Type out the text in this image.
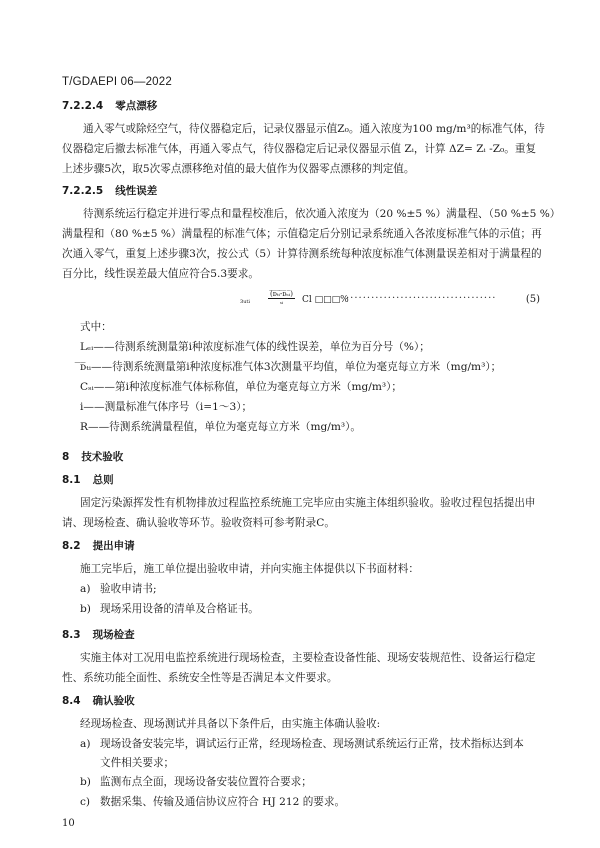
T/GDAEPI 06—2022
7.2.2.4 零点漂移
通入零气或除烃空气，待仪器稳定后，记录仪器显示值Z₀。通入浓度为100 mg/m³的标准气体，待
仪器稳定后撤去标准气体，再通入零点气，待仪器稳定后记录仪器显示值 Zᵢ，计算 ΔZ= Zᵢ -Z₀。重复
上述步骤5次，取5次零点漂移绝对值的最大值作为仪器零点漂移的判定值。
7.2.2.5 线性误差
待测系统运行稳定并进行零点和量程校准后，依次通入浓度为（20 %±5 %）满量程、（50 %±5 %）
满量程和（80 %±5 %）满量程的标准气体；示值稳定后分别记录系统通入各浓度标准气体的示值；再
次通入零气，重复上述步骤3次，按公式（5）计算待测系统每种浓度标准气体测量误差相对于满量程的
百分比，线性误差最大值应符合5.3要求。
₃ᵤₜᵢ	$\frac{\text{(̅ᴅ̅ₜᵢ̅‑̅ᴅ̅ₛᵢ̅)}}{\text{ₛᵢ}}$ Cl □□□%
····································	(5)
式中：
Lₑᵢ——待测系统测量第i种浓度标准气体的线性误差，单位为百分号（%）；
̅ᴅ̅ₜᵢ——待测系统测量第i种浓度标准气体3次测量平均值，单位为毫克每立方米（mg/m³）；
Cₛᵢ——第i种浓度标准气体标称值，单位为毫克每立方米（mg/m³）；
i——测量标准气体序号（i=1～3）；
R——待测系统满量程值，单位为毫克每立方米（mg/m³）。
8 技术验收
8.1 总则
固定污染源挥发性有机物排放过程监控系统施工完毕应由实施主体组织验收。验收过程包括提出申
请、现场检查、确认验收等环节。验收资料可参考附录C。
8.2 提出申请
施工完毕后，施工单位提出验收申请，并向实施主体提供以下书面材料：
a) 验收申请书;
b) 现场采用设备的清单及合格证书。
8.3 现场检查
实施主体对工况用电监控系统进行现场检查，主要检查设备性能、现场安装规范性、设备运行稳定
性、系统功能全面性、系统安全性等是否满足本文件要求。
8.4 确认验收
经现场检查、现场测试并具备以下条件后，由实施主体确认验收:
a) 现场设备安装完毕，调试运行正常，经现场检查、现场测试系统运行正常，技术指标达到本
文件相关要求；
b) 监测布点全面，现场设备安装位置符合要求；
c) 数据采集、传输及通信协议应符合 HJ 212 的要求。
10
